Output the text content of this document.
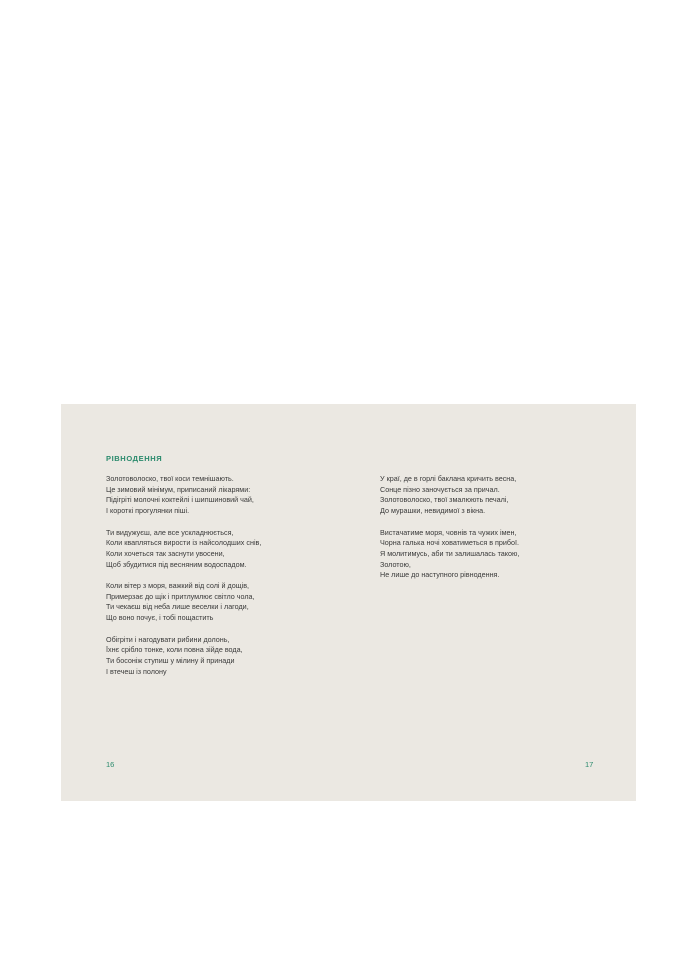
РІВНОДЕННЯ

Золотоволоско, твої коси темнішають.
Це зимовий мінімум, приписаний лікарями:
Підігріті молочні коктейлі і шипшиновий чай,
І короткі прогулянки піші.

Ти видужуєш, але все ускладнюється,
Коли квапляться вирости із найсолодших снів,
Коли хочеться так заснути увосени,
Щоб збудитися під весняним водоспадом.

Коли вітер з моря, важкий від солі й дощів,
Примерзає до щік і притлумлює світло чола,
Ти чекаєш від неба лише веселки і лагоди,
Що воно почує, і тобі пощастить

Обігріти і нагодувати рибини долонь,
Їхнє сріблo тонке, коли повна зійде вода,
Ти босоніж ступиш у мілину й принади
І втечеш із полону

16

У краї, де в горлі баклана кричить весна,
Сонце пізно заночується за причал.
Золотоволоско, твої змалюють печалі,
До мурашки, невидимої з вікна.

Вистачатиме моря, човнів та чужих імен,
Чорна галька ночі ховатиметься в прибої.
Я молитимусь, аби ти залишалась такою,
Золотою,
Не лише до наступного рівнодення.

17
